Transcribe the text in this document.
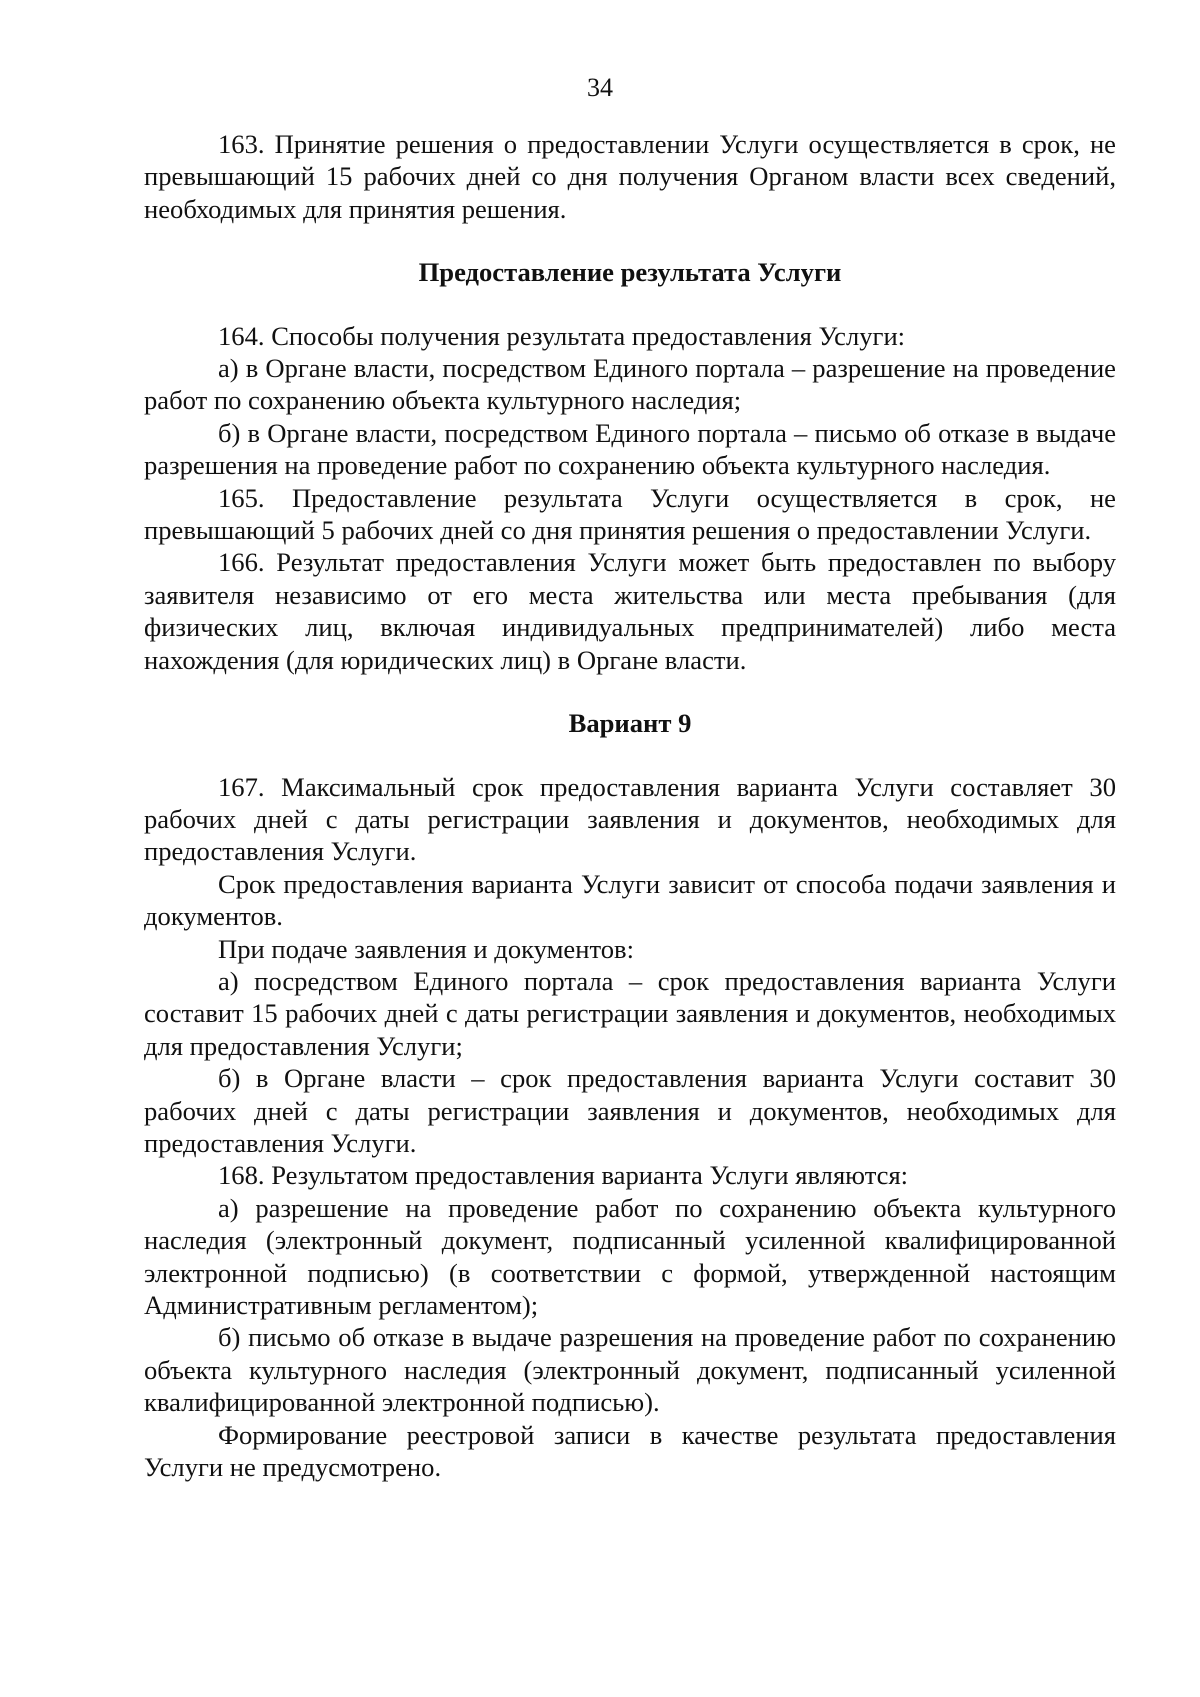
34

163. Принятие решения о предоставлении Услуги осуществляется в срок, не превышающий 15 рабочих дней со дня получения Органом власти всех сведений, необходимых для принятия решения.

Предоставление результата Услуги

164. Способы получения результата предоставления Услуги:

а) в Органе власти, посредством Единого портала – разрешение на проведение работ по сохранению объекта культурного наследия;

б) в Органе власти, посредством Единого портала – письмо об отказе в выдаче разрешения на проведение работ по сохранению объекта культурного наследия.

165. Предоставление результата Услуги осуществляется в срок, не превышающий 5 рабочих дней со дня принятия решения о предоставлении Услуги.

166. Результат предоставления Услуги может быть предоставлен по выбору заявителя независимо от его места жительства или места пребывания (для физических лиц, включая индивидуальных предпринимателей) либо места нахождения (для юридических лиц) в Органе власти.

Вариант 9

167. Максимальный срок предоставления варианта Услуги составляет 30 рабочих дней с даты регистрации заявления и документов, необходимых для предоставления Услуги.

Срок предоставления варианта Услуги зависит от способа подачи заявления и документов.

При подаче заявления и документов:

а) посредством Единого портала – срок предоставления варианта Услуги составит 15 рабочих дней с даты регистрации заявления и документов, необходимых для предоставления Услуги;

б) в Органе власти – срок предоставления варианта Услуги составит 30 рабочих дней с даты регистрации заявления и документов, необходимых для предоставления Услуги.

168. Результатом предоставления варианта Услуги являются:

а) разрешение на проведение работ по сохранению объекта культурного наследия (электронный документ, подписанный усиленной квалифицированной электронной подписью) (в соответствии с формой, утвержденной настоящим Административным регламентом);

б) письмо об отказе в выдаче разрешения на проведение работ по сохранению объекта культурного наследия (электронный документ, подписанный усиленной квалифицированной электронной подписью).

Формирование реестровой записи в качестве результата предоставления Услуги не предусмотрено.
